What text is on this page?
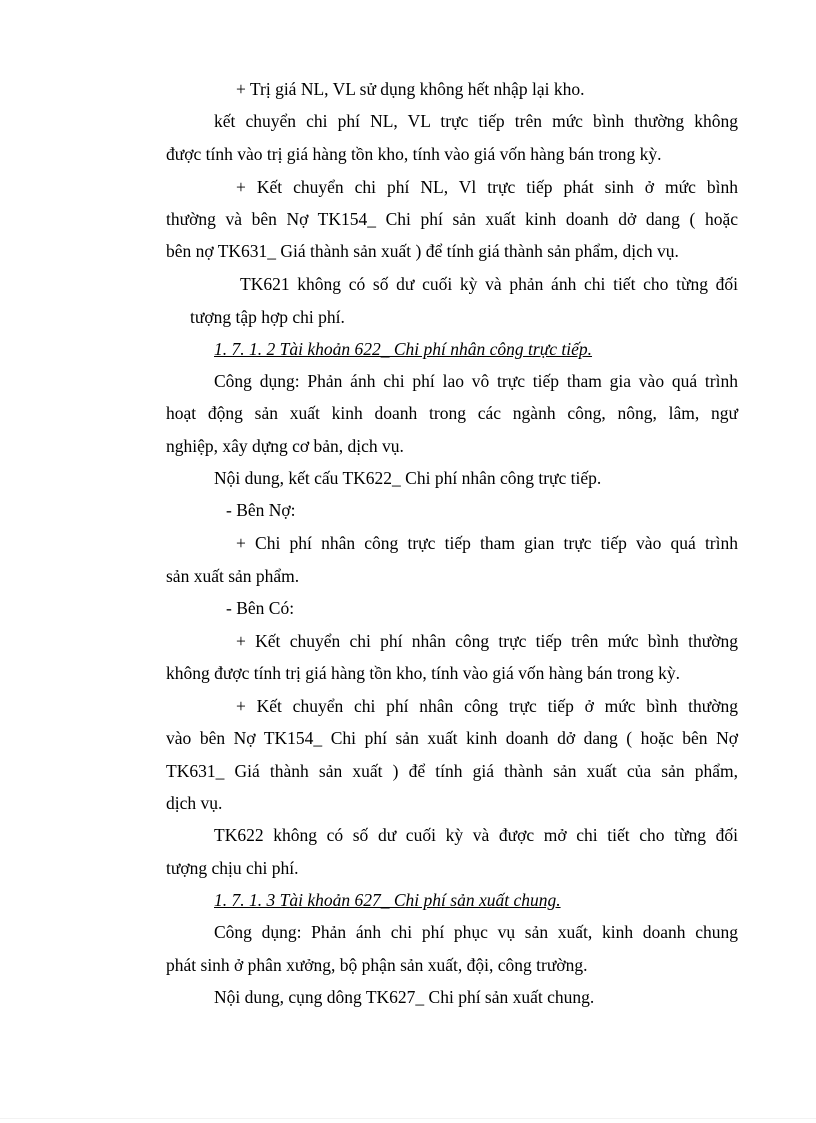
+ Trị giá NL, VL sử dụng không hết nhập lại kho.
kết chuyển chi phí NL, VL trực tiếp trên mức bình thường không
được tính vào trị giá hàng tồn kho, tính vào giá vốn hàng bán trong kỳ.
+ Kết chuyển chi phí NL, Vl trực tiếp phát sinh ở mức bình
thường và bên Nợ TK154_ Chi phí sản xuất kinh doanh dở dang ( hoặc
bên nợ TK631_ Giá thành sản xuất ) để tính giá thành sản phẩm, dịch vụ.
TK621 không có số dư cuối kỳ và phản ánh chi tiết cho từng đối
tượng tập hợp chi phí.
1. 7. 1. 2 Tài khoản 622_ Chi phí nhân công trực tiếp.
Công dụng: Phản ánh chi phí lao vô trực tiếp tham gia vào quá trình
hoạt động sản xuất kinh doanh trong các ngành công, nông, lâm, ngư
nghiệp, xây dựng cơ bản, dịch vụ.
Nội dung, kết cấu TK622_ Chi phí nhân công trực tiếp.
- Bên Nợ:
+ Chi phí nhân công trực tiếp tham gian trực tiếp vào quá trình
sản xuất sản phẩm.
- Bên Có:
+ Kết chuyển chi phí nhân công trực tiếp trên mức bình thường
không được tính trị giá hàng tồn kho, tính vào giá vốn hàng bán trong kỳ.
+ Kết chuyển chi phí nhân công trực tiếp ở mức bình thường
vào bên Nợ TK154_ Chi phí sản xuất kinh doanh dở dang ( hoặc bên Nợ
TK631_ Giá thành sản xuất ) để tính giá thành sản xuất của sản phẩm,
dịch vụ.
TK622 không có số dư cuối kỳ và được mở chi tiết cho từng đối
tượng chịu chi phí.
1. 7. 1. 3 Tài khoản 627_ Chi phí sản xuất chung.
Công dụng: Phản ánh chi phí phục vụ sản xuất, kinh doanh chung
phát sinh ở phân xưởng, bộ phận sản xuất, đội, công trường.
Nội dung, cụng dông TK627_ Chi phí sản xuất chung.
